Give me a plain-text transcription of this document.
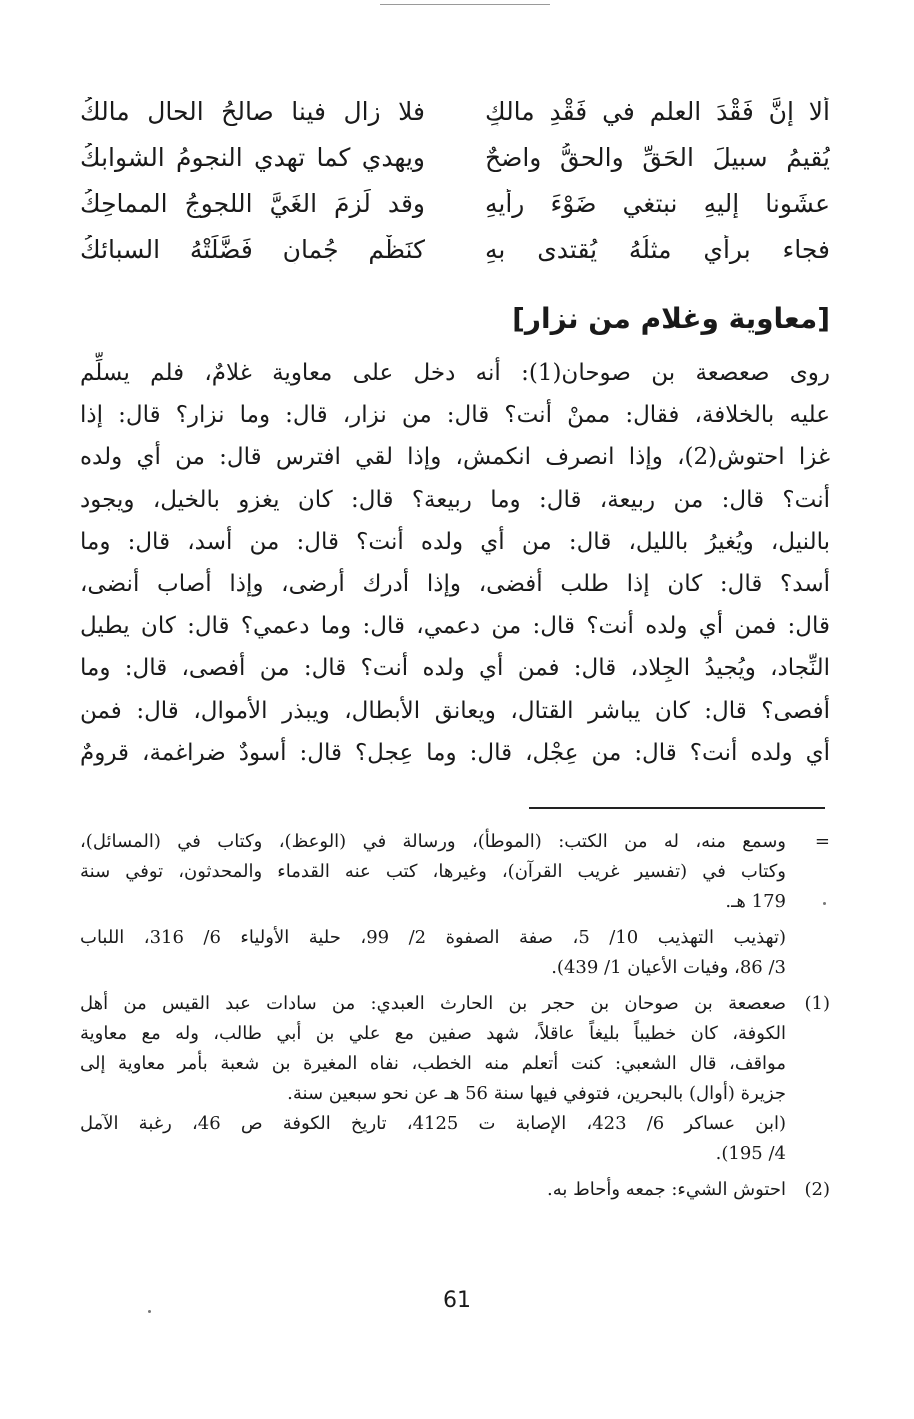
ألا إنَّ فَقْدَ العلم في فَقْدِ مالكٍ
فلا زال فينا صالحُ الحالِ مالكُ
يُقيمُ سبيلَ الحَقِّ والحقُّ واضحٌ
ويهدي كما تهدي النجومُ الشوابكُ
عشَونا إليهِ نبتغي ضَوْءَ رأيهِ
وقد لَزِمَ الغَيَّ اللجوجُ المماحِكُ
فجاء برأيٍ مثلُهُ يُقتدى بهِ
كنَظْمِ جُمانٍ فَضَّلَتْهُ السبائكُ
[معاوية وغلام من نزار]
روى صعصعة بن صوحان(1): أنه دخل على معاوية غلامٌ، فلم يسلِّم
عليه بالخلافة، فقال: ممنْ أنت؟ قال: من نزار، قال: وما نزار؟ قال: إذا
غزا احتوش(2)، وإذا انصرف انكمش، وإذا لقي افترس قال: من أي ولده
أنت؟ قال: من ربيعة، قال: وما ربيعة؟ قال: كان يغزو بالخيل، ويجود
بالنيل، ويُغيرُ بالليل، قال: من أي ولده أنت؟ قال: من أسد، قال: وما
أسد؟ قال: كان إذا طلب أفضى، وإذا أدرك أرضى، وإذا أصاب أنضى،
قال: فمن أي ولده أنت؟ قال: من دعمي، قال: وما دعمي؟ قال: كان يطيل
النِّجاد، ويُجيدُ الجِلاد، قال: فمن أي ولده أنت؟ قال: من أفصى، قال: وما
أفصى؟ قال: كان يباشر القتال، ويعانق الأبطال، ويبذر الأموال، قال: فمن
أي ولده أنت؟ قال: من عِجْل، قال: وما عِجل؟ قال: أسودٌ ضراغمة، قرومٌ
=
وسمع منه، له من الكتب: (الموطأ)، ورسالة في (الوعظ)، وكتاب في (المسائل)،
وكتاب في (تفسير غريب القرآن)، وغيرها، كتب عنه القدماء والمحدثون، توفي سنة
179 هـ.
(تهذيب التهذيب 10/ 5، صفة الصفوة 2/ 99، حلية الأولياء 6/ 316، اللباب
3/ 86، وفيات الأعيان 1/ 439).
(1)
صعصعة بن صوحان بن حجر بن الحارث العبدي: من سادات عبد القيس من أهل
الكوفة، كان خطيباً بليغاً عاقلاً، شهد صفين مع علي بن أبي طالب، وله مع معاوية
مواقف، قال الشعبي: كنت أتعلم منه الخطب، نفاه المغيرة بن شعبة بأمر معاوية إلى
جزيرة (أوال) بالبحرين، فتوفي فيها سنة 56 هـ عن نحو سبعين سنة.
(ابن عساكر 6/ 423، الإصابة ت 4125، تاريخ الكوفة ص 46، رغبة الآمل
4/ 195).
(2)
احتوش الشيء: جمعه وأحاط به.
61
